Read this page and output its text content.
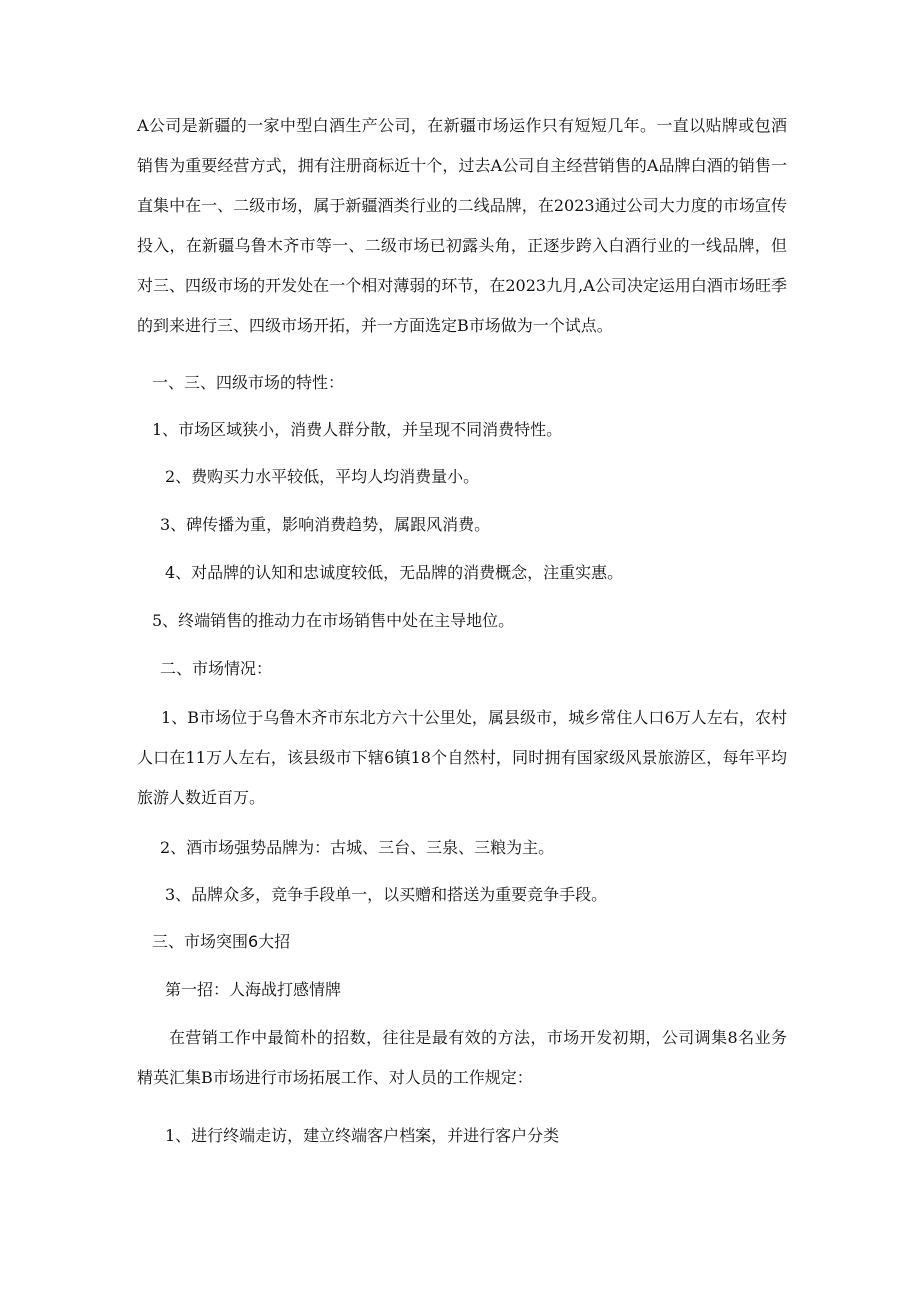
A公司是新疆的一家中型白酒生产公司，在新疆市场运作只有短短几年。一直以贴牌或包酒销售为重要经营方式，拥有注册商标近十个，过去A公司自主经营销售的A品牌白酒的销售一直集中在一、二级市场，属于新疆酒类行业的二线品牌，在2023通过公司大力度的市场宣传投入，在新疆乌鲁木齐市等一、二级市场已初露头角，正逐步跨入白酒行业的一线品牌，但对三、四级市场的开发处在一个相对薄弱的环节，在2023九月,A公司决定运用白酒市场旺季的到来进行三、四级市场开拓，并一方面选定B市场做为一个试点。

一、三、四级市场的特性：

1、市场区域狭小，消费人群分散，并呈现不同消费特性。

2、费购买力水平较低，平均人均消费量小。

3、碑传播为重，影响消费趋势，属跟风消费。

4、对品牌的认知和忠诚度较低，无品牌的消费概念，注重实惠。

5、终端销售的推动力在市场销售中处在主导地位。

二、市场情况：

1、B市场位于乌鲁木齐市东北方六十公里处，属县级市，城乡常住人口6万人左右，农村人口在11万人左右，该县级市下辖6镇18个自然村，同时拥有国家级风景旅游区，每年平均旅游人数近百万。

2、酒市场强势品牌为：古城、三台、三泉、三粮为主。

3、品牌众多，竞争手段单一，以买赠和搭送为重要竞争手段。

三、市场突围6大招

第一招：人海战打感情牌

在营销工作中最简朴的招数，往往是最有效的方法，市场开发初期，公司调集8名业务精英汇集B市场进行市场拓展工作、对人员的工作规定：

1、进行终端走访，建立终端客户档案，并进行客户分类
